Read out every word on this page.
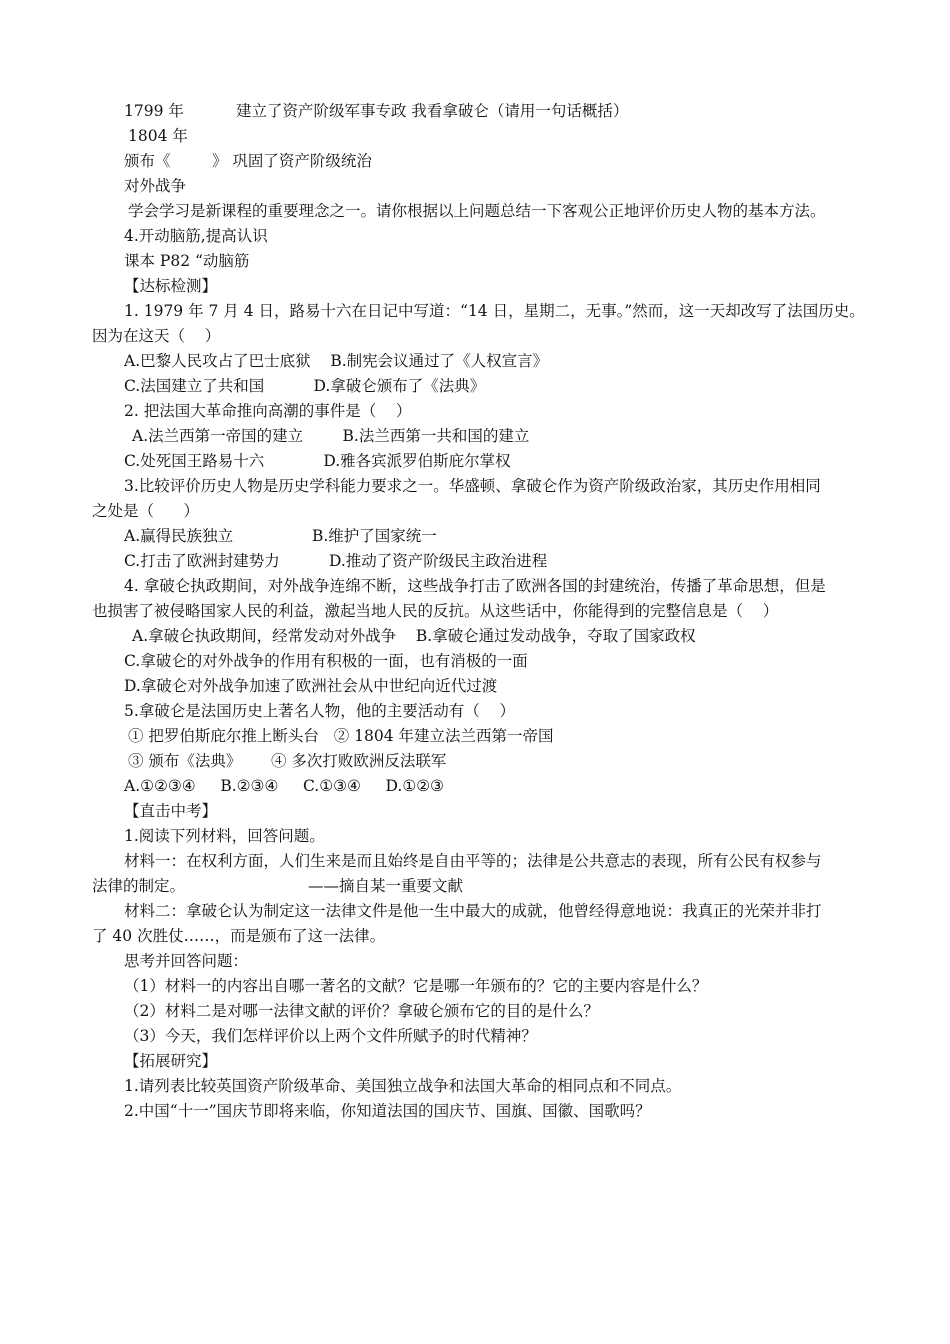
1799 年	建立了资产阶级军事专政 我看拿破仑（请用一句话概括）
1804 年
颁布《	》 巩固了资产阶级统治
对外战争
学会学习是新课程的重要理念之一。请你根据以上问题总结一下客观公正地评价历史人物的基本方法。
4.开动脑筋,提高认识
课本 P82 “动脑筋
【达标检测】
1. 1979 年 7 月 4 日，路易十六在日记中写道：“14 日，星期二，无事。”然而，这一天却改写了法国历史。
因为在这天（    ）
A.巴黎人民攻占了巴士底狱    B.制宪会议通过了《人权宣言》
C.法国建立了共和国          D.拿破仑颁布了《法典》
2. 把法国大革命推向高潮的事件是（    ）
A.法兰西第一帝国的建立        B.法兰西第一共和国的建立
C.处死国王路易十六            D.雅各宾派罗伯斯庇尔掌权
3.比较评价历史人物是历史学科能力要求之一。华盛顿、拿破仑作为资产阶级政治家，其历史作用相同
之处是（      ）
A.赢得民族独立                B.维护了国家统一
C.打击了欧洲封建势力          D.推动了资产阶级民主政治进程
4. 拿破仑执政期间，对外战争连绵不断，这些战争打击了欧洲各国的封建统治，传播了革命思想，但是
也损害了被侵略国家人民的利益，激起当地人民的反抗。从这些话中，你能得到的完整信息是（    ）
A.拿破仑执政期间，经常发动对外战争    B.拿破仑通过发动战争，夺取了国家政权
C.拿破仑的对外战争的作用有积极的一面，也有消极的一面
D.拿破仑对外战争加速了欧洲社会从中世纪向近代过渡
5.拿破仑是法国历史上著名人物，他的主要活动有（    ）
① 把罗伯斯庇尔推上断头台   ② 1804 年建立法兰西第一帝国
③ 颁布《法典》      ④ 多次打败欧洲反法联军
A.①②③④     B.②③④     C.①③④     D.①②③
【直击中考】
1.阅读下列材料，回答问题。
材料一：在权利方面，人们生来是而且始终是自由平等的；法律是公共意志的表现，所有公民有权参与
法律的制定。	——摘自某一重要文献
材料二：拿破仑认为制定这一法律文件是他一生中最大的成就，他曾经得意地说：我真正的光荣并非打
了 40 次胜仗……，而是颁布了这一法律。
思考并回答问题：
（1）材料一的内容出自哪一著名的文献？它是哪一年颁布的？它的主要内容是什么？
（2）材料二是对哪一法律文献的评价？拿破仑颁布它的目的是什么？
（3）今天，我们怎样评价以上两个文件所赋予的时代精神？
【拓展研究】
1.请列表比较英国资产阶级革命、美国独立战争和法国大革命的相同点和不同点。
2.中国“十一”国庆节即将来临，你知道法国的国庆节、国旗、国徽、国歌吗？
